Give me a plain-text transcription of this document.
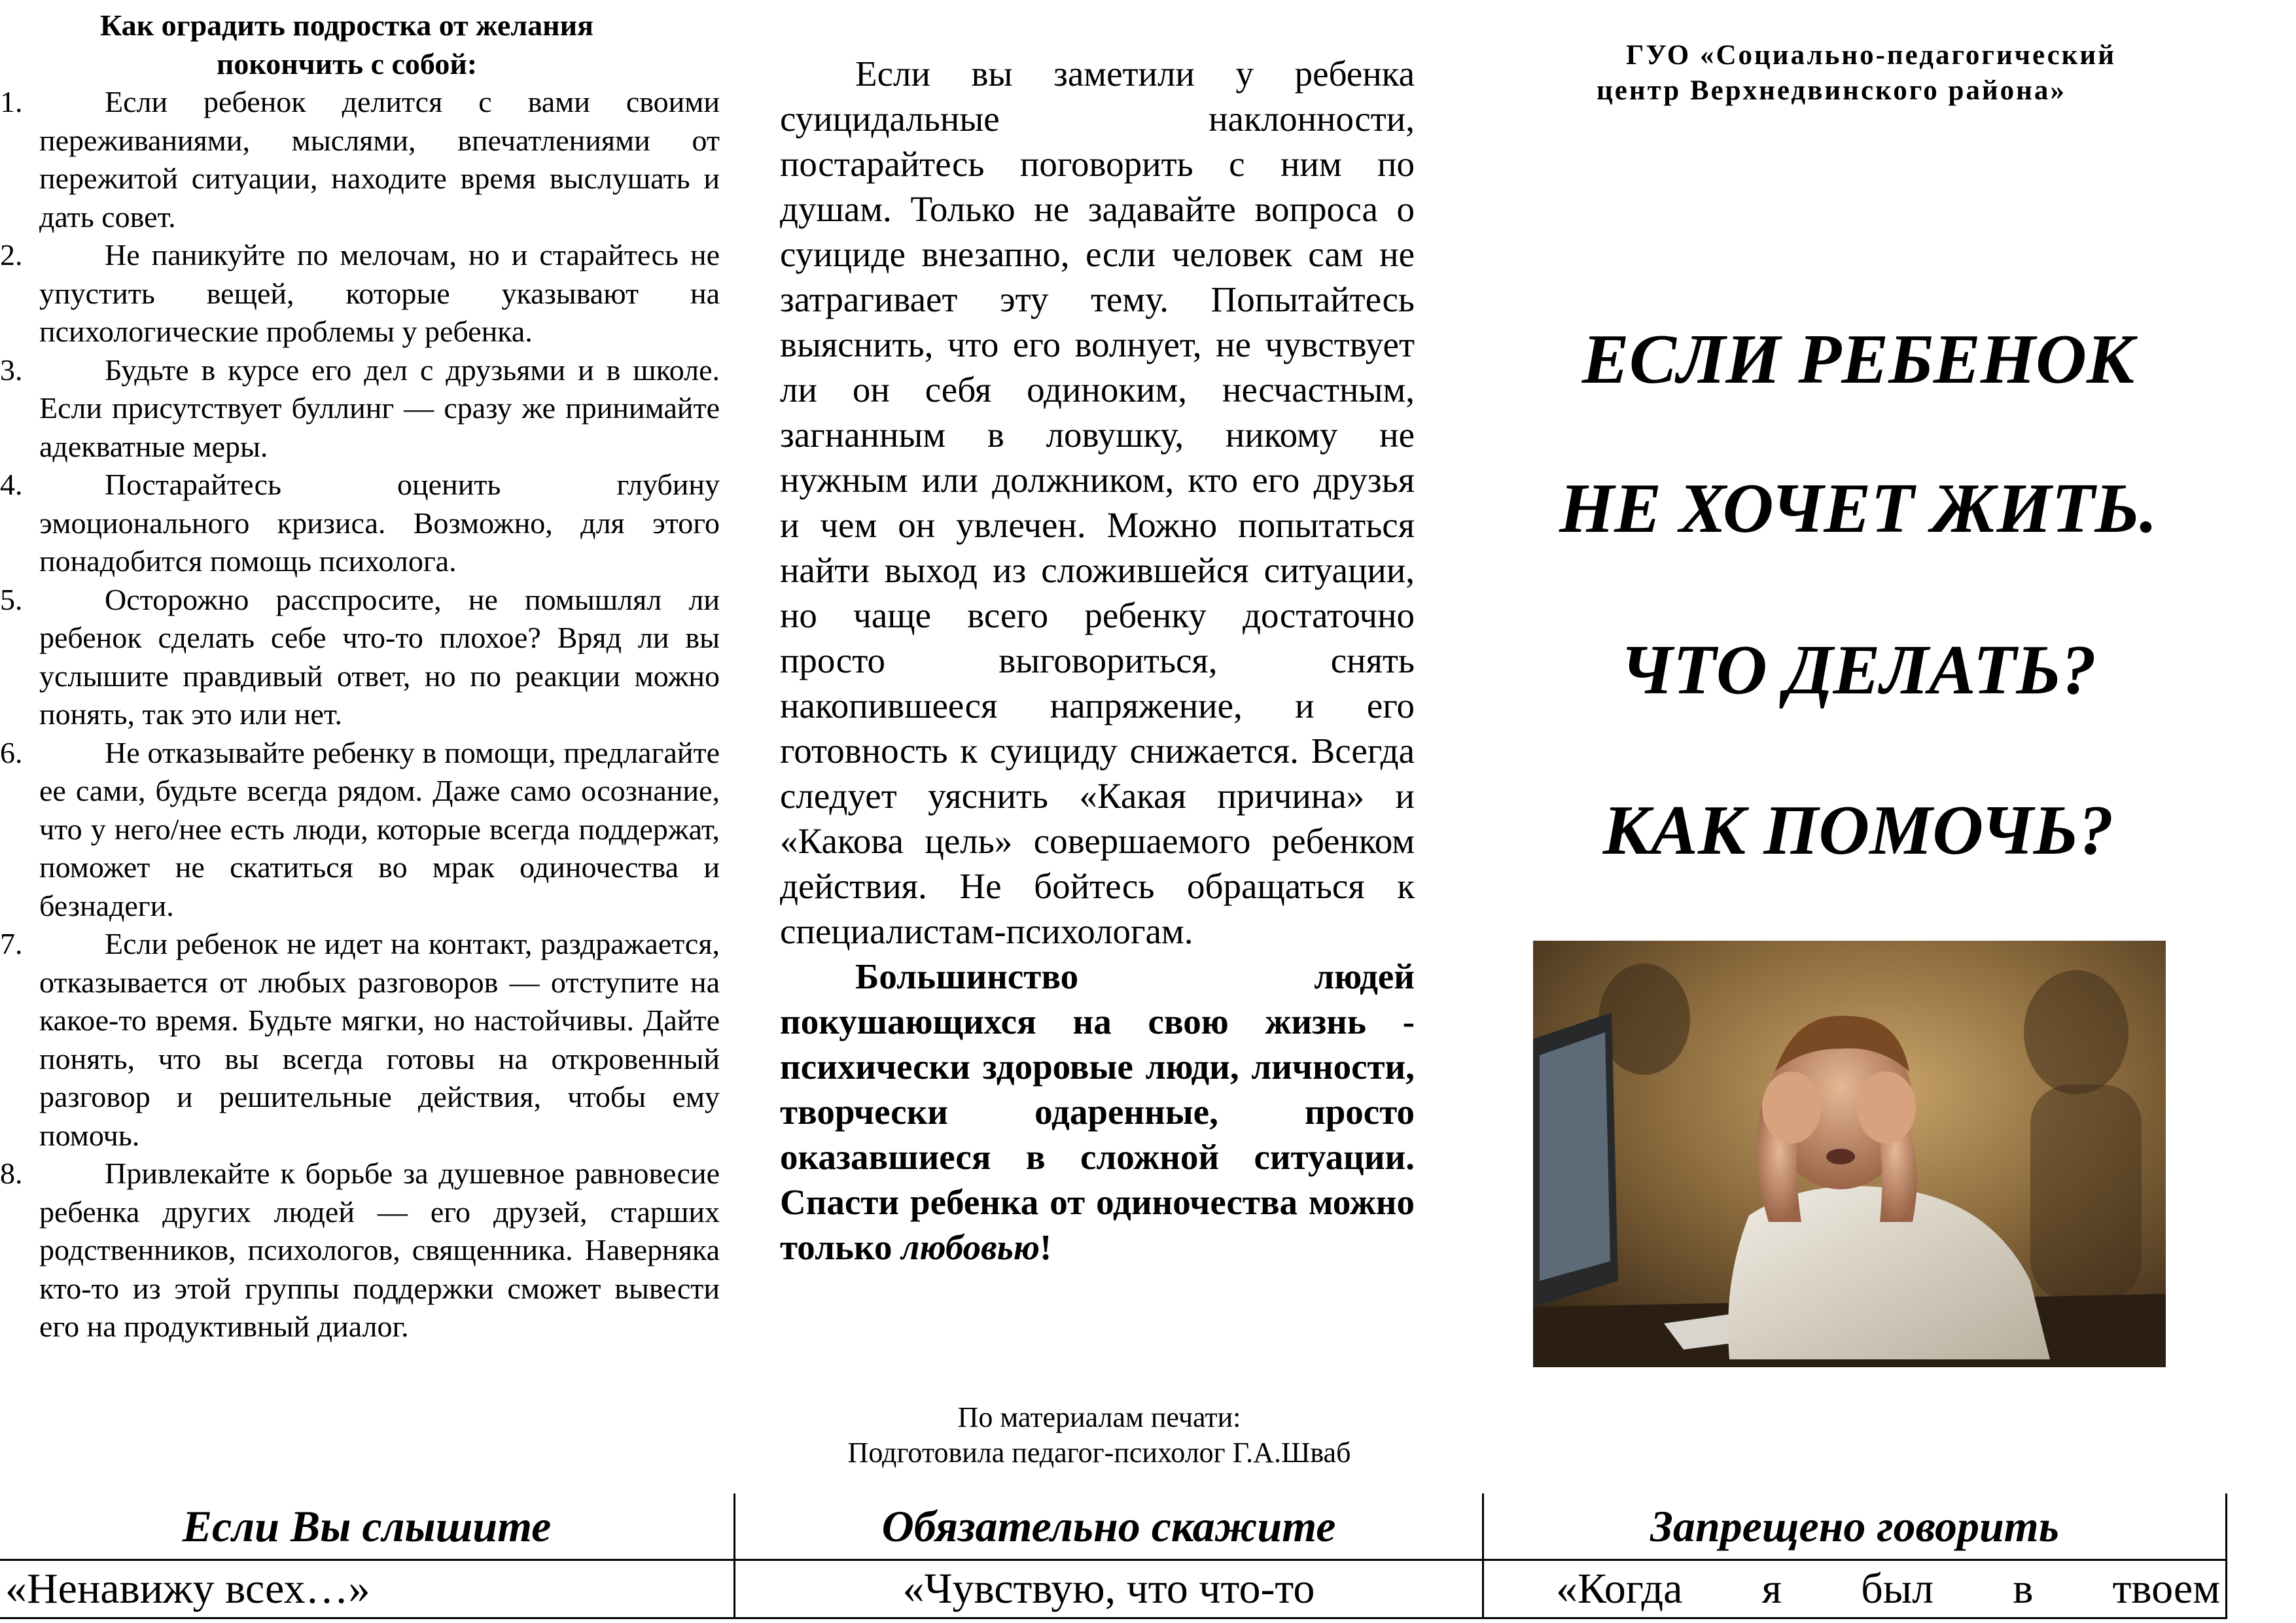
Как оградить подростка от желания покончить с собой:
1.	Если ребенок делится с вами своими переживаниями, мыслями, впечатлениями от пережитой ситуации, находите время выслушать и дать совет.
2.	Не паникуйте по мелочам, но и старайтесь не упустить вещей, которые указывают на психологические проблемы у ребенка.
3.	Будьте в курсе его дел с друзьями и в школе. Если присутствует буллинг — сразу же принимайте адекватные меры.
4.	Постарайтесь оценить глубину эмоционального кризиса. Возможно, для этого понадобится помощь психолога.
5.	Осторожно расспросите, не помышлял ли ребенок сделать себе что-то плохое? Вряд ли вы услышите правдивый ответ, но по реакции можно понять, так это или нет.
6.	Не отказывайте ребенку в помощи, предлагайте ее сами, будьте всегда рядом. Даже само осознание, что у него/нее есть люди, которые всегда поддержат, поможет не скатиться во мрак одиночества и безнадеги.
7.	Если ребенок не идет на контакт, раздражается, отказывается от любых разговоров — отступите на какое-то время. Будьте мягки, но настойчивы. Дайте понять, что вы всегда готовы на откровенный разговор и решительные действия, чтобы ему помочь.
8.	Привлекайте к борьбе за душевное равновесие ребенка других людей — его друзей, старших родственников, психологов, священника. Наверняка кто-то из этой группы поддержки сможет вывести его на продуктивный диалог.

Если вы заметили у ребенка суицидальные наклонности, постарайтесь поговорить с ним по душам. Только не задавайте вопроса о суициде внезапно, если человек сам не затрагивает эту тему. Попытайтесь выяснить, что его волнует, не чувствует ли он себя одиноким, несчастным, загнанным в ловушку, никому не нужным или должником, кто его друзья и чем он увлечен. Можно попытаться найти выход из сложившейся ситуации, но чаще всего ребенку достаточно просто выговориться, снять накопившееся напряжение, и его готовность к суициду снижается. Всегда следует уяснить «Какая причина» и «Какова цель» совершаемого ребенком действия. Не бойтесь обращаться к специалистам-психологам.

Большинство людей покушающихся на свою жизнь - психически здоровые люди, личности, творчески одаренные, просто оказавшиеся в сложной ситуации. Спасти ребенка от одиночества можно только любовью!

По материалам печати:
Подготовила педагог-психолог Г.А.Шваб
ГУО «Социально-педагогический
центр Верхнедвинского района»
ЕСЛИ РЕБЕНОК
НЕ ХОЧЕТ ЖИТЬ.
ЧТО ДЕЛАТЬ?
КАК ПОМОЧЬ?
Если Вы слышите	Обязательно скажите	Запрещено говорить
«Ненавижу всех…»	«Чувствую, что что-то	«Когда я был в твоем
